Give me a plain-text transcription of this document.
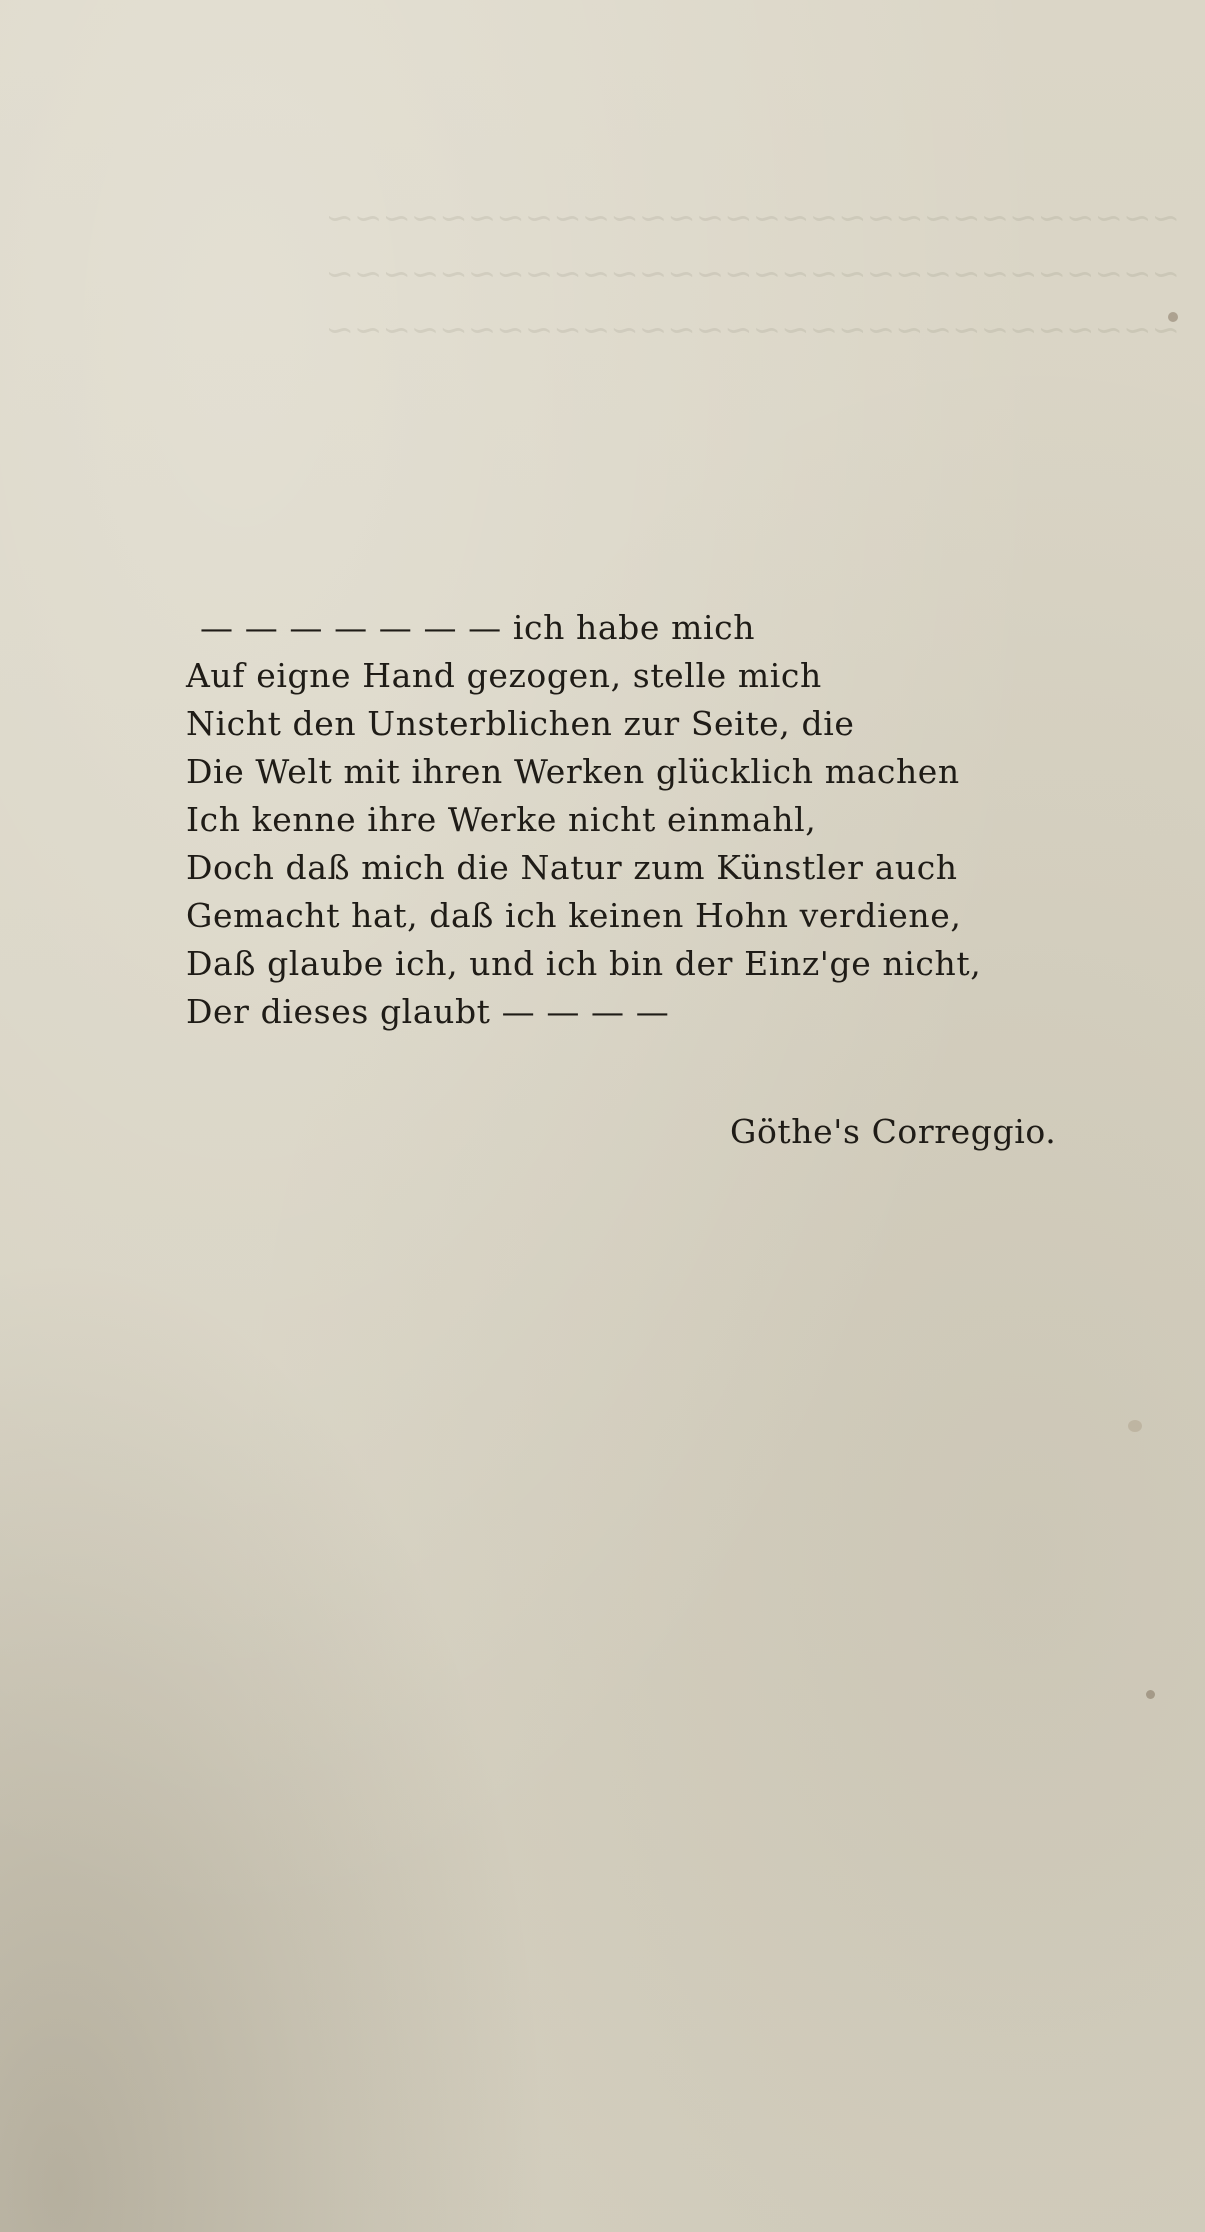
~~~~~~~~~~~~~~~~~~~~~~~~~~~~~~
~~~~~~~~~~~~~~~~~~~~~~~~~~~~~~
~~~~~~~~~~~~~~~~~~~~~~~~~~~~~~

— — — — — — — ich habe mich

Auf eigne Hand gezogen, stelle mich

Nicht den Unsterblichen zur Seite, die

Die Welt mit ihren Werken glücklich machen

Ich kenne ihre Werke nicht einmahl,

Doch daß mich die Natur zum Künstler auch

Gemacht hat, daß ich keinen Hohn verdiene,

Daß glaube ich, und ich bin der Einz'ge nicht,

Der dieses glaubt — — — —

Göthe's Correggio.
